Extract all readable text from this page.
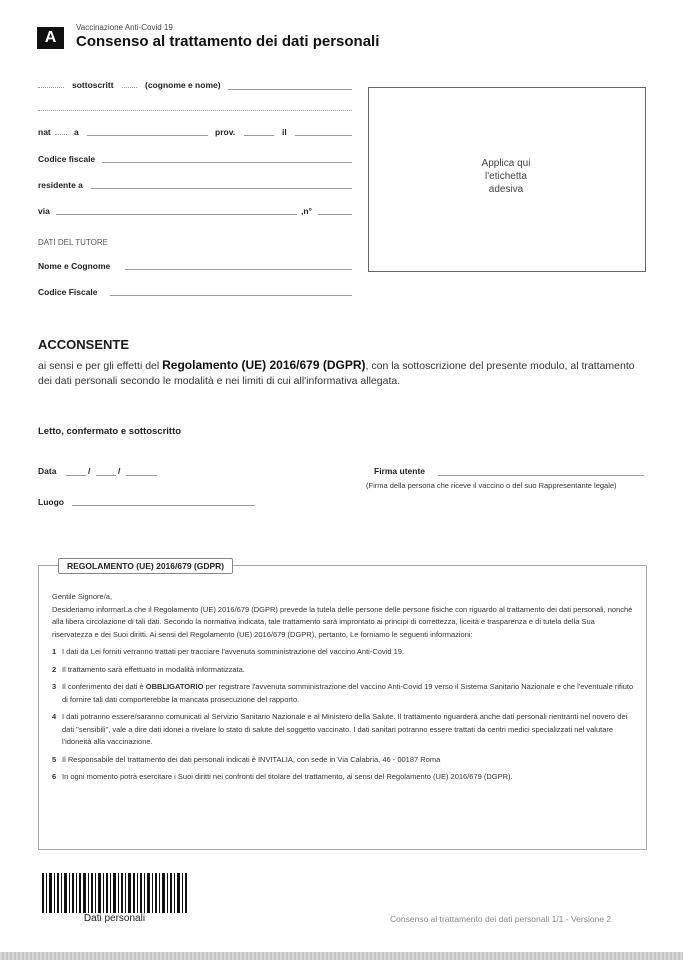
A
Vaccinazione Anti-Covid 19
Consenso al trattamento dei dati personali
sottoscritt	(cognome e nome)
nat	a	prov.	il
Codice fiscale
residente a
via	,n°
DATI DEL TUTORE
Nome e Cognome
Codice Fiscale
Applica qui
l'etichetta
adesiva
ACCONSENTE
ai sensi e per gli effetti del Regolamento (UE) 2016/679 (DGPR), con la sottoscrizione del presente modulo, al trattamento dei dati personali secondo le modalità e nei limiti di cui all'informativa allegata.
Letto, confermato e sottoscritto
Data	/	/	Firma utente
(Firma della persona che riceve il vaccino o del suo Rappresentante legale)
Luogo
REGOLAMENTO (UE) 2016/679 (GDPR)

Gentile Signore/a,

Desideriamo informarLa che il Regolamento (UE) 2016/679 (DGPR) prevede la tutela delle persone delle persone fisiche con riguardo al trattamento dei dati personali, nonché alla libera circolazione di tali dati. Secondo la normativa indicata, tale trattamento sarà improntato ai principi di correttezza, liceità e trasparenza e di tutela della Sua riservatezza e dei Suoi diritti. Ai sensi del Regolamento (UE) 2016/679 (DGPR), pertanto, Le forniamo le seguenti informazioni:

1 I dati da Lei forniti verranno trattati per tracciare l'avvenuta somministrazione del vaccino Anti-Covid 19.
2 Il trattamento sarà effettuato in modalità informatizzata.
3 Il conferimento dei dati è OBBLIGATORIO per registrare l'avvenuta somministrazione del vaccino Anti-Covid 19 verso il Sistema Sanitario Nazionale e che l'eventuale rifiuto di fornire tali dati comporterebbe la mancata prosecuzione del rapporto.
4 I dati potranno essere/saranno comunicati al Servizio Sanitario Nazionale e al Ministero della Salute. Il trattamento riguarderà anche dati personali rientranti nel novero dei dati "sensibili", vale a dire dati idonei a rivelare lo stato di salute del soggetto vaccinato. I dati sanitari potranno essere trattati da centri medici specializzati nel valutare l'idoneità alla vaccinazione.
5 Il Responsabile del trattamento dei dati personali indicati è INVITALIA, con sede in Via Calabria, 46 - 00187 Roma
6 In ogni momento potrà esercitare i Suoi diritti nei confronti del titolare del trattamento, ai sensi del Regolamento (UE) 2016/679 (DGPR).
Dati personali	Consenso al trattamento dei dati personali 1/1 - Versione 2
